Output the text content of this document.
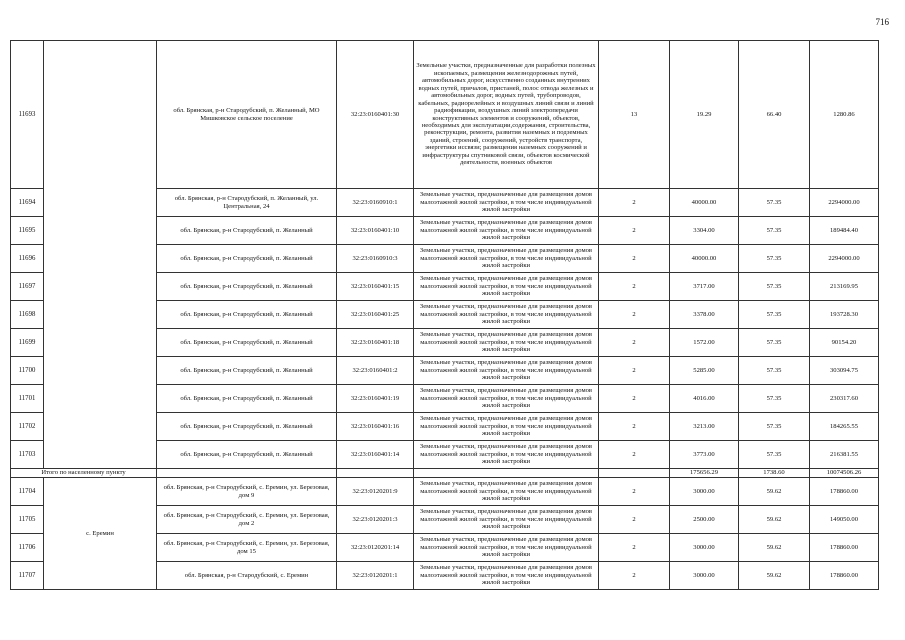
716
11693		обл. Брянская, р-н Стародубский, п. Желанный, МО Мишковское сельское поселение	32:23:0160401:30	Земельные участки, предназначенные для разработки полезных ископаемых, размещения железнодорожных путей, автомобильных дорог, искусственно созданных внутренних водных путей, причалов, пристаней, полос отвода железных и автомобильных дорог, водных путей, трубопроводов, кабельных, радиорелейных и воздушных линий связи и линий радиофикации, воздушных линий электропередачи конструктивных элементов и сооружений, объектов, необходимых для эксплуатации,содержания, строительства, реконструкции, ремонта, развития наземных и подземных зданий, строений, сооружений, устройств транспорта, энергетики иссвязи; размещения наземных сооружений и инфраструктуры спутниковой связи, объектов космической деятельности, военных объектов	13	19.29	66.40	1280.86
11694		обл. Брянская, р-н Стародубский, п. Желанный, ул. Центральная, 24	32:23:0160910:1	Земельные участки, предназначенные для размещения домов малоэтажной жилой застройки, в том числе индивидуальной жилой застройки	2	40000.00	57.35	2294000.00
11695		обл. Брянская, р-н Стародубский, п. Желанный	32:23:0160401:10	Земельные участки, предназначенные для размещения домов малоэтажной жилой застройки, в том числе индивидуальной жилой застройки	2	3304.00	57.35	189484.40
11696		обл. Брянская, р-н Стародубский, п. Желанный	32:23:0160910:3	Земельные участки, предназначенные для размещения домов малоэтажной жилой застройки, в том числе индивидуальной жилой застройки	2	40000.00	57.35	2294000.00
11697		обл. Брянская, р-н Стародубский, п. Желанный	32:23:0160401:15	Земельные участки, предназначенные для размещения домов малоэтажной жилой застройки, в том числе индивидуальной жилой застройки	2	3717.00	57.35	213169.95
11698		обл. Брянская, р-н Стародубский, п. Желанный	32:23:0160401:25	Земельные участки, предназначенные для размещения домов малоэтажной жилой застройки, в том числе индивидуальной жилой застройки	2	3378.00	57.35	193728.30
11699		обл. Брянская, р-н Стародубский, п. Желанный	32:23:0160401:18	Земельные участки, предназначенные для размещения домов малоэтажной жилой застройки, в том числе индивидуальной жилой застройки	2	1572.00	57.35	90154.20
11700		обл. Брянская, р-н Стародубский, п. Желанный	32:23:0160401:2	Земельные участки, предназначенные для размещения домов малоэтажной жилой застройки, в том числе индивидуальной жилой застройки	2	5285.00	57.35	303094.75
11701		обл. Брянская, р-н Стародубский, п. Желанный	32:23:0160401:19	Земельные участки, предназначенные для размещения домов малоэтажной жилой застройки, в том числе индивидуальной жилой застройки	2	4016.00	57.35	230317.60
11702		обл. Брянская, р-н Стародубский, п. Желанный	32:23:0160401:16	Земельные участки, предназначенные для размещения домов малоэтажной жилой застройки, в том числе индивидуальной жилой застройки	2	3213.00	57.35	184265.55
11703		обл. Брянская, р-н Стародубский, п. Желанный	32:23:0160401:14	Земельные участки, предназначенные для размещения домов малоэтажной жилой застройки, в том числе индивидуальной жилой застройки	2	3773.00	57.35	216381.55
Итого по населенному пункту						175656.29	1738.60	10074506.26
11704	с. Еремин	обл. Брянская, р-н Стародубский, с. Еремин, ул. Березовая, дом 9	32:23:0120201:9	Земельные участки, предназначенные для размещения домов малоэтажной жилой застройки, в том числе индивидуальной жилой застройки	2	3000.00	59.62	178860.00
11705		обл. Брянская, р-н Стародубский, с. Еремин, ул. Березовая, дом 2	32:23:0120201:3	Земельные участки, предназначенные для размещения домов малоэтажной жилой застройки, в том числе индивидуальной жилой застройки	2	2500.00	59.62	149050.00
11706		обл. Брянская, р-н Стародубский, с. Еремин, ул. Березовая, дом 15	32:23:0120201:14	Земельные участки, предназначенные для размещения домов малоэтажной жилой застройки, в том числе индивидуальной жилой застройки	2	3000.00	59.62	178860.00
11707		обл. Брянская, р-н Стародубский, с. Еремин	32:23:0120201:1	Земельные участки, предназначенные для размещения домов малоэтажной жилой застройки, в том числе индивидуальной жилой застройки	2	3000.00	59.62	178860.00
